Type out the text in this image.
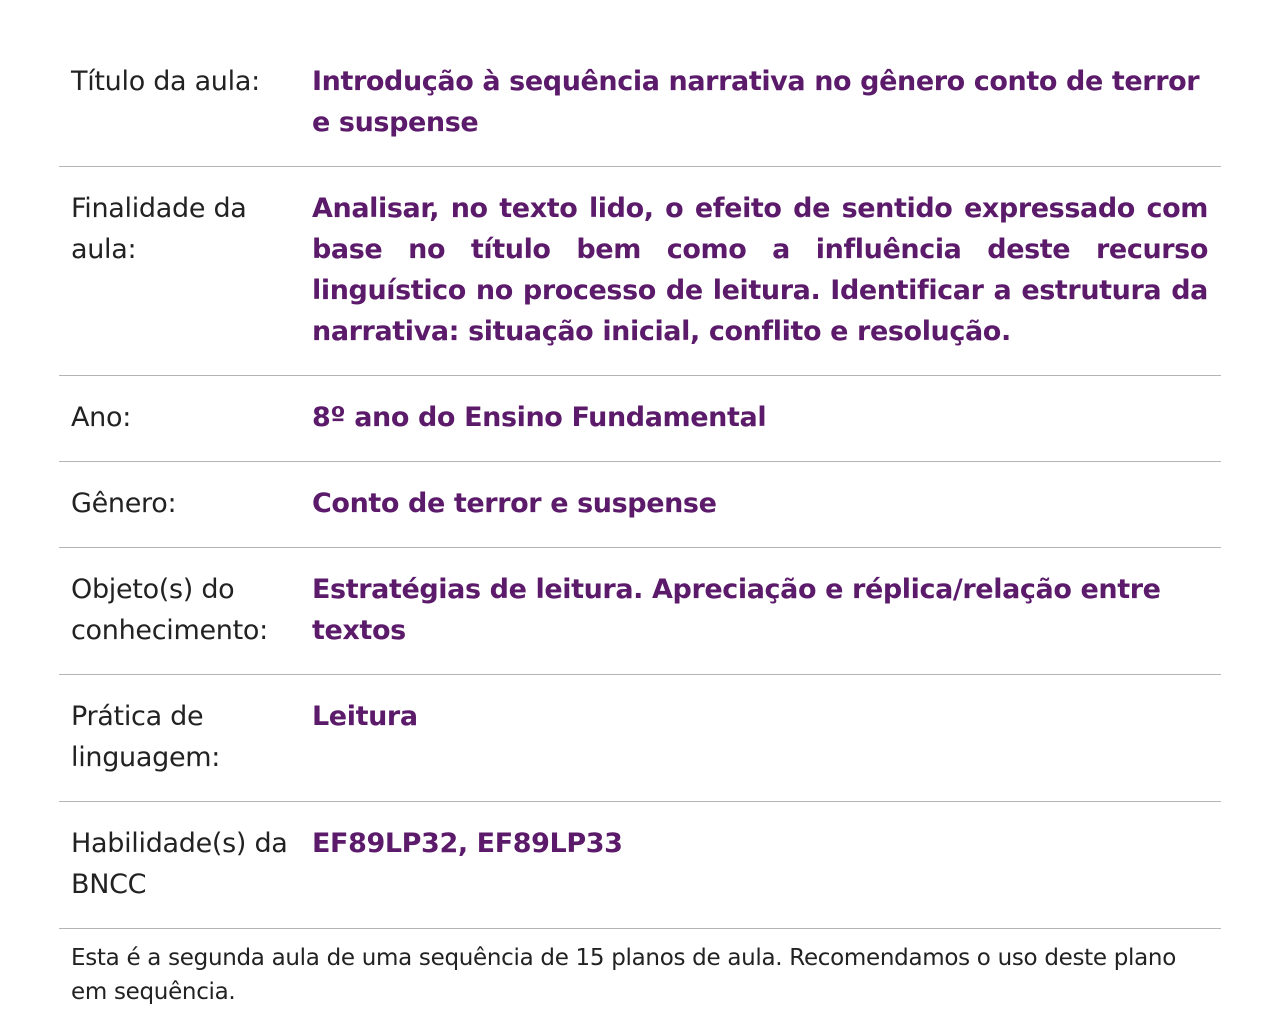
Título da aula:	Introdução à sequência narrativa no gênero conto de terror e suspense
Finalidade da aula:	Analisar, no texto lido, o efeito de sentido expressado com base no título bem como a influência deste recurso linguístico no processo de leitura. Identificar a estrutura da narrativa: situação inicial, conflito e resolução.
Ano:	8º ano do Ensino Fundamental
Gênero:	Conto de terror e suspense
Objeto(s) do conhecimento:	Estratégias de leitura. Apreciação e réplica/relação entre textos
Prática de linguagem:	Leitura
Habilidade(s) da BNCC	EF89LP32, EF89LP33
Esta é a segunda aula de uma sequência de 15 planos de aula. Recomendamos o uso deste plano em sequência.
